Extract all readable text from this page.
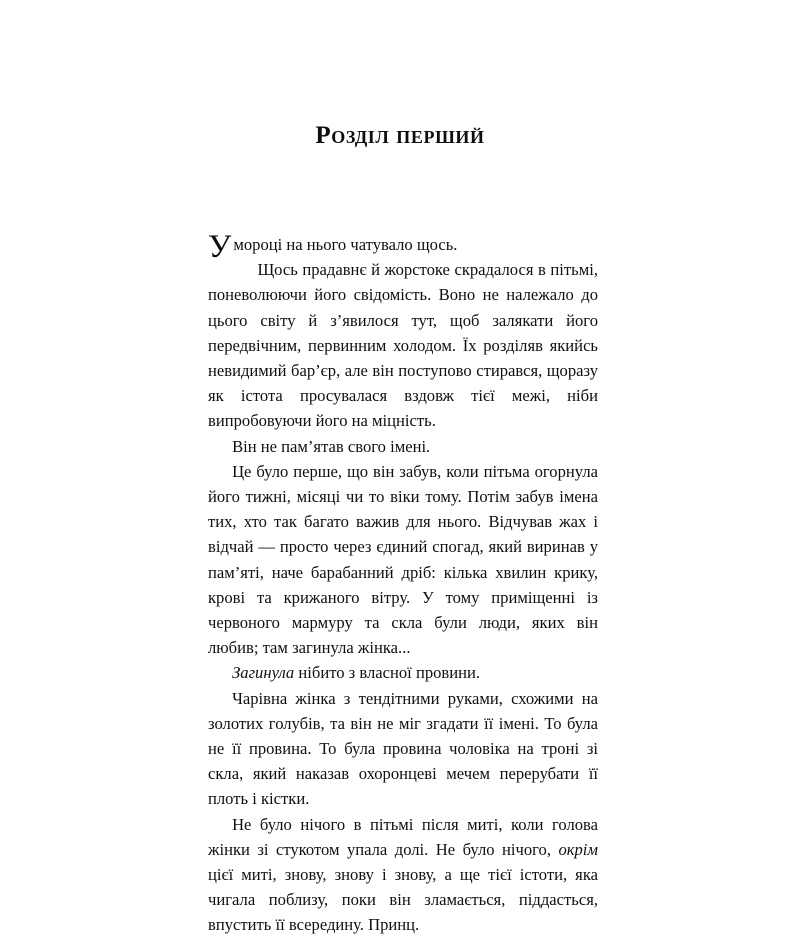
Розділ перший

Умороці на нього чатувало щось.

Щось прадавнє й жорстоке скрадалося в пітьмі, поневолюючи його свідомість. Воно не належало до цього світу й з’явилося тут, щоб залякати його передвічним, первинним холодом. Їх розділяв якийсь невидимий бар’єр, але він поступово стирався, щоразу як істота просувалася вздовж тієї межі, ніби випробовуючи його на міцність.

Він не пам’ятав свого імені.

Це було перше, що він забув, коли пітьма огорнула його тижні, місяці чи то віки тому. Потім забув імена тих, хто так багато важив для нього. Відчував жах і відчай — просто через єдиний спогад, який виринав у пам’яті, наче барабанний дріб: кілька хвилин крику, крові та крижаного вітру. У тому приміщенні із червоного мармуру та скла були люди, яких він любив; там загинула жінка...

Загинула нібито з власної провини.

Чарівна жінка з тендітними руками, схожими на золотих голубів, та він не міг згадати її імені. То була не її провина. То була провина чоловіка на троні зі скла, який наказав охоронцеві мечем перерубати її плоть і кістки.

Не було нічого в пітьмі після миті, коли голова жінки зі стукотом упала долі. Не було нічого, окрім цієї миті, знову, знову і знову, а ще тієї істоти, яка чигала поблизу, поки він зламається, піддасться, впустить її всередину. Принц.
